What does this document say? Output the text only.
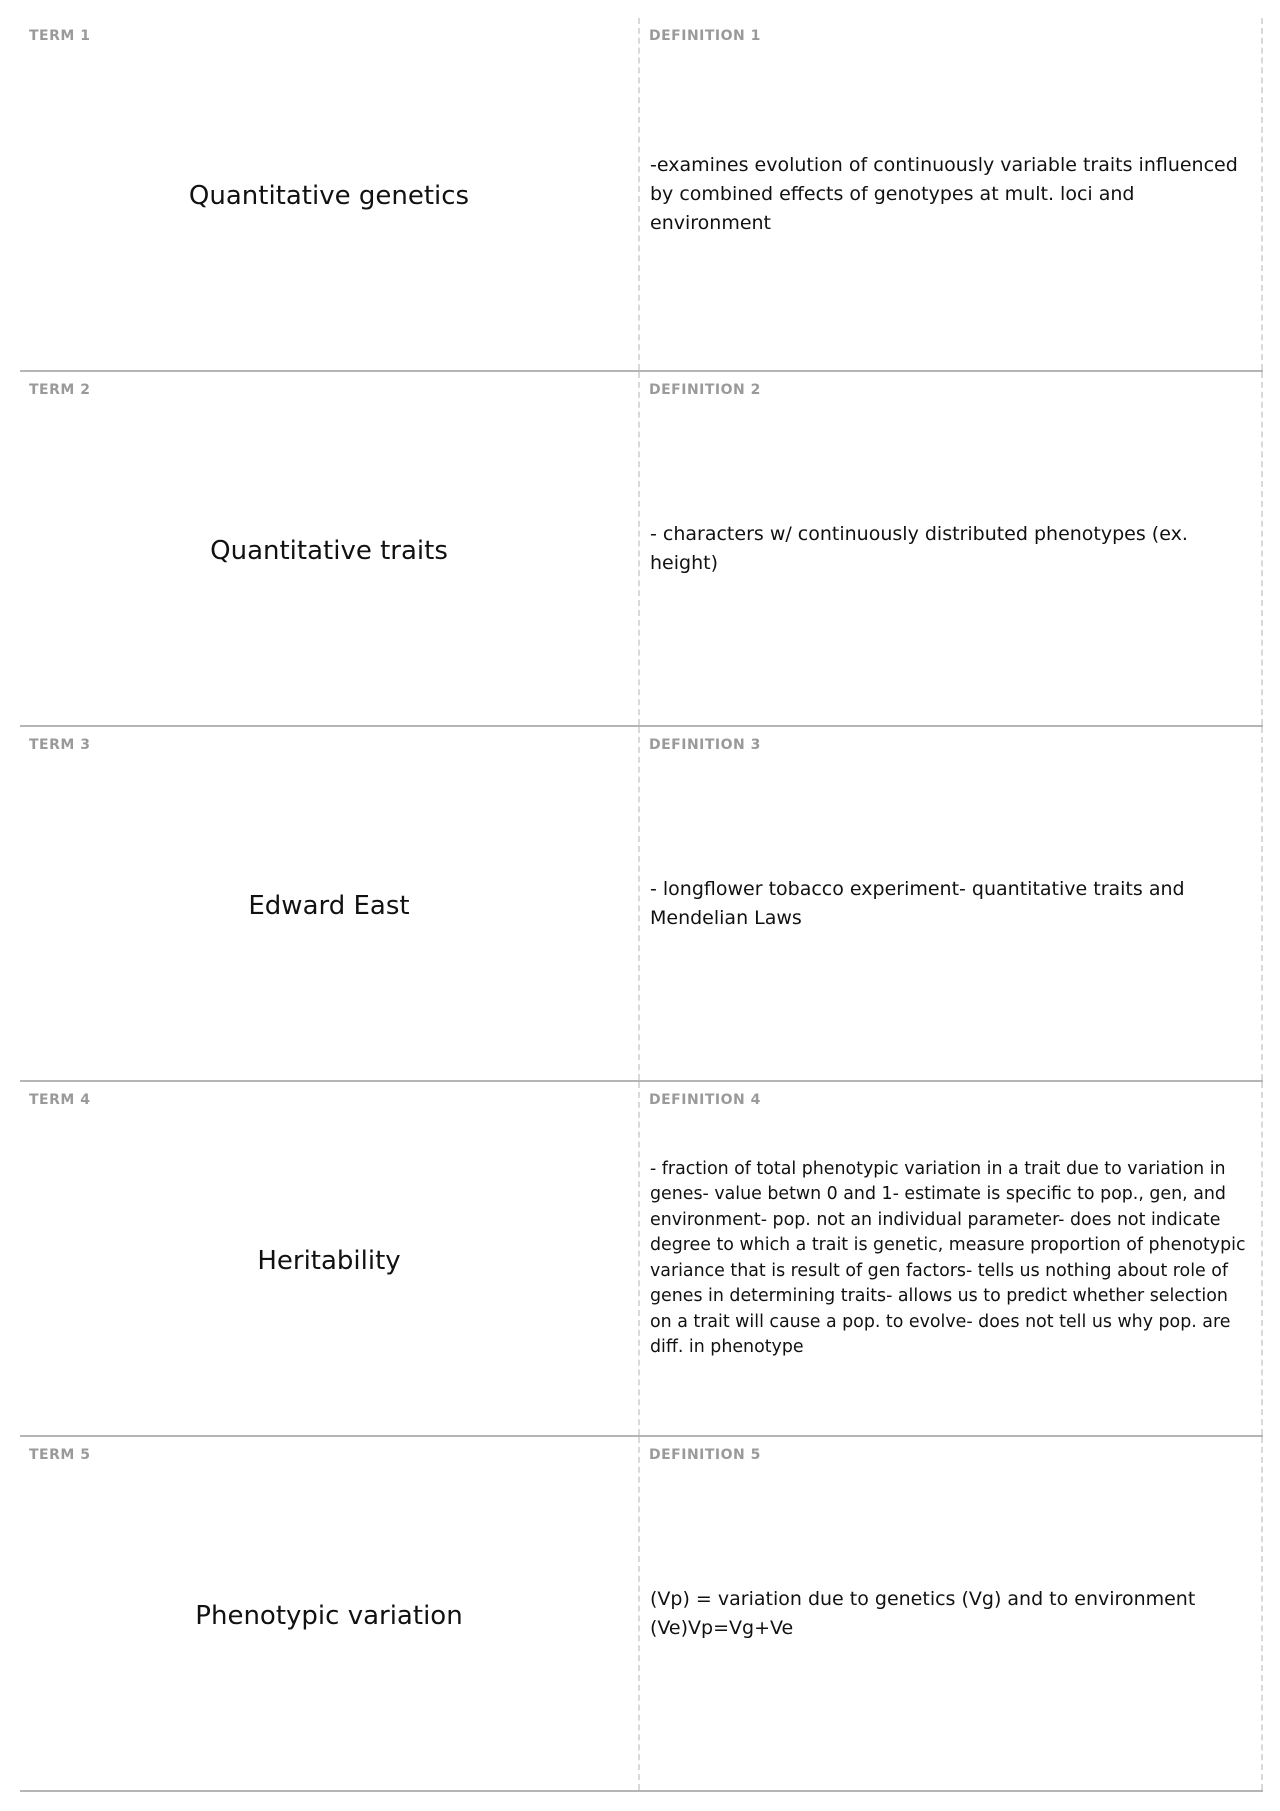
TERM 1
Quantitative genetics
DEFINITION 1
-examines evolution of continuously variable traits influenced by combined effects of genotypes at mult. loci and environment
TERM 2
Quantitative traits
DEFINITION 2
- characters w/ continuously distributed phenotypes (ex. height)
TERM 3
Edward East
DEFINITION 3
- longflower tobacco experiment- quantitative traits and Mendelian Laws
TERM 4
Heritability
DEFINITION 4
- fraction of total phenotypic variation in a trait due to variation in genes- value betwn 0 and 1- estimate is specific to pop., gen, and environment- pop. not an individual parameter- does not indicate degree to which a trait is genetic, measure proportion of phenotypic variance that is result of gen factors- tells us nothing about role of genes in determining traits- allows us to predict whether selection on a trait will cause a pop. to evolve- does not tell us why pop. are diff. in phenotype
TERM 5
Phenotypic variation
DEFINITION 5
(Vp) = variation due to genetics (Vg) and to environment (Ve)Vp=Vg+Ve
